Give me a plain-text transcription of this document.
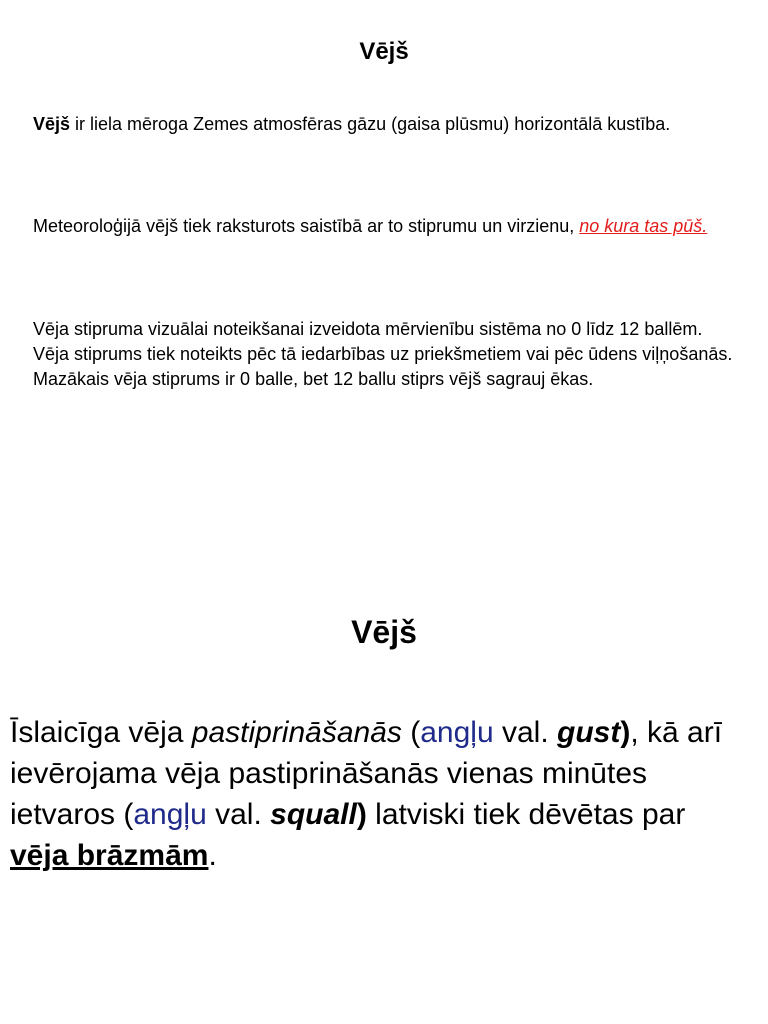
Vējš

Vējš ir liela mēroga Zemes atmosfēras gāzu (gaisa plūsmu) horizontālā kustība.

Meteoroloģijā vējš tiek raksturots saistībā ar to stiprumu un virzienu, no kura tas pūš.

Vēja stipruma vizuālai noteikšanai izveidota mērvienību sistēma no 0 līdz 12 ballēm. Vēja stiprums tiek noteikts pēc tā iedarbības uz priekšmetiem vai pēc ūdens viļņošanās. Mazākais vēja stiprums ir 0 balle, bet 12 ballu stiprs vējš sagrauj ēkas.

Vējš

Īslaicīga vēja pastiprināšanās (angļu val. gust), kā arī ievērojama vēja pastiprināšanās vienas minūtes ietvaros (angļu val. squall) latviski tiek dēvētas par vēja brāzmām.
